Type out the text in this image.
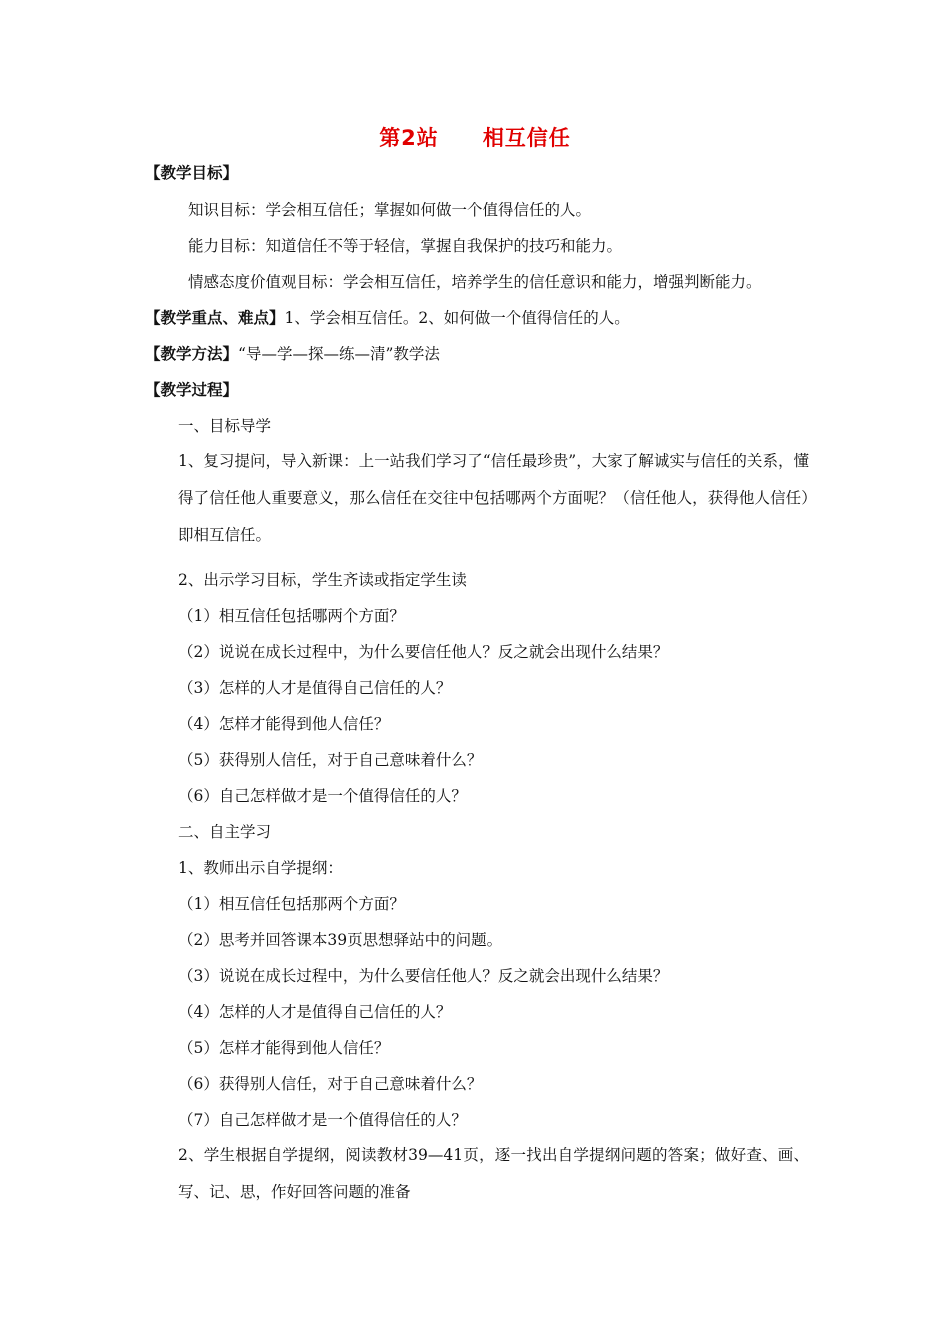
第2站 相互信任
【教学目标】
知识目标：学会相互信任；掌握如何做一个值得信任的人。
能力目标：知道信任不等于轻信，掌握自我保护的技巧和能力。
情感态度价值观目标：学会相互信任，培养学生的信任意识和能力，增强判断能力。
【教学重点、难点】1、学会相互信任。2、如何做一个值得信任的人。
【教学方法】“导—学—探—练—清”教学法
【教学过程】
一、目标导学
1、复习提问，导入新课：上一站我们学习了“信任最珍贵”，大家了解诚实与信任的关系，懂得了信任他人重要意义，那么信任在交往中包括哪两个方面呢？（信任他人，获得他人信任）即相互信任。
2、出示学习目标，学生齐读或指定学生读
（1）相互信任包括哪两个方面？
（2）说说在成长过程中，为什么要信任他人？反之就会出现什么结果？
（3）怎样的人才是值得自己信任的人？
（4）怎样才能得到他人信任？
（5）获得别人信任，对于自己意味着什么？
（6）自己怎样做才是一个值得信任的人？
二、自主学习
1、教师出示自学提纲：
（1）相互信任包括那两个方面？
（2）思考并回答课本39页思想驿站中的问题。
（3）说说在成长过程中，为什么要信任他人？反之就会出现什么结果？
（4）怎样的人才是值得自己信任的人？
（5）怎样才能得到他人信任？
（6）获得别人信任，对于自己意味着什么？
（7）自己怎样做才是一个值得信任的人？
2、学生根据自学提纲，阅读教材39—41页，逐一找出自学提纲问题的答案；做好查、画、写、记、思，作好回答问题的准备
